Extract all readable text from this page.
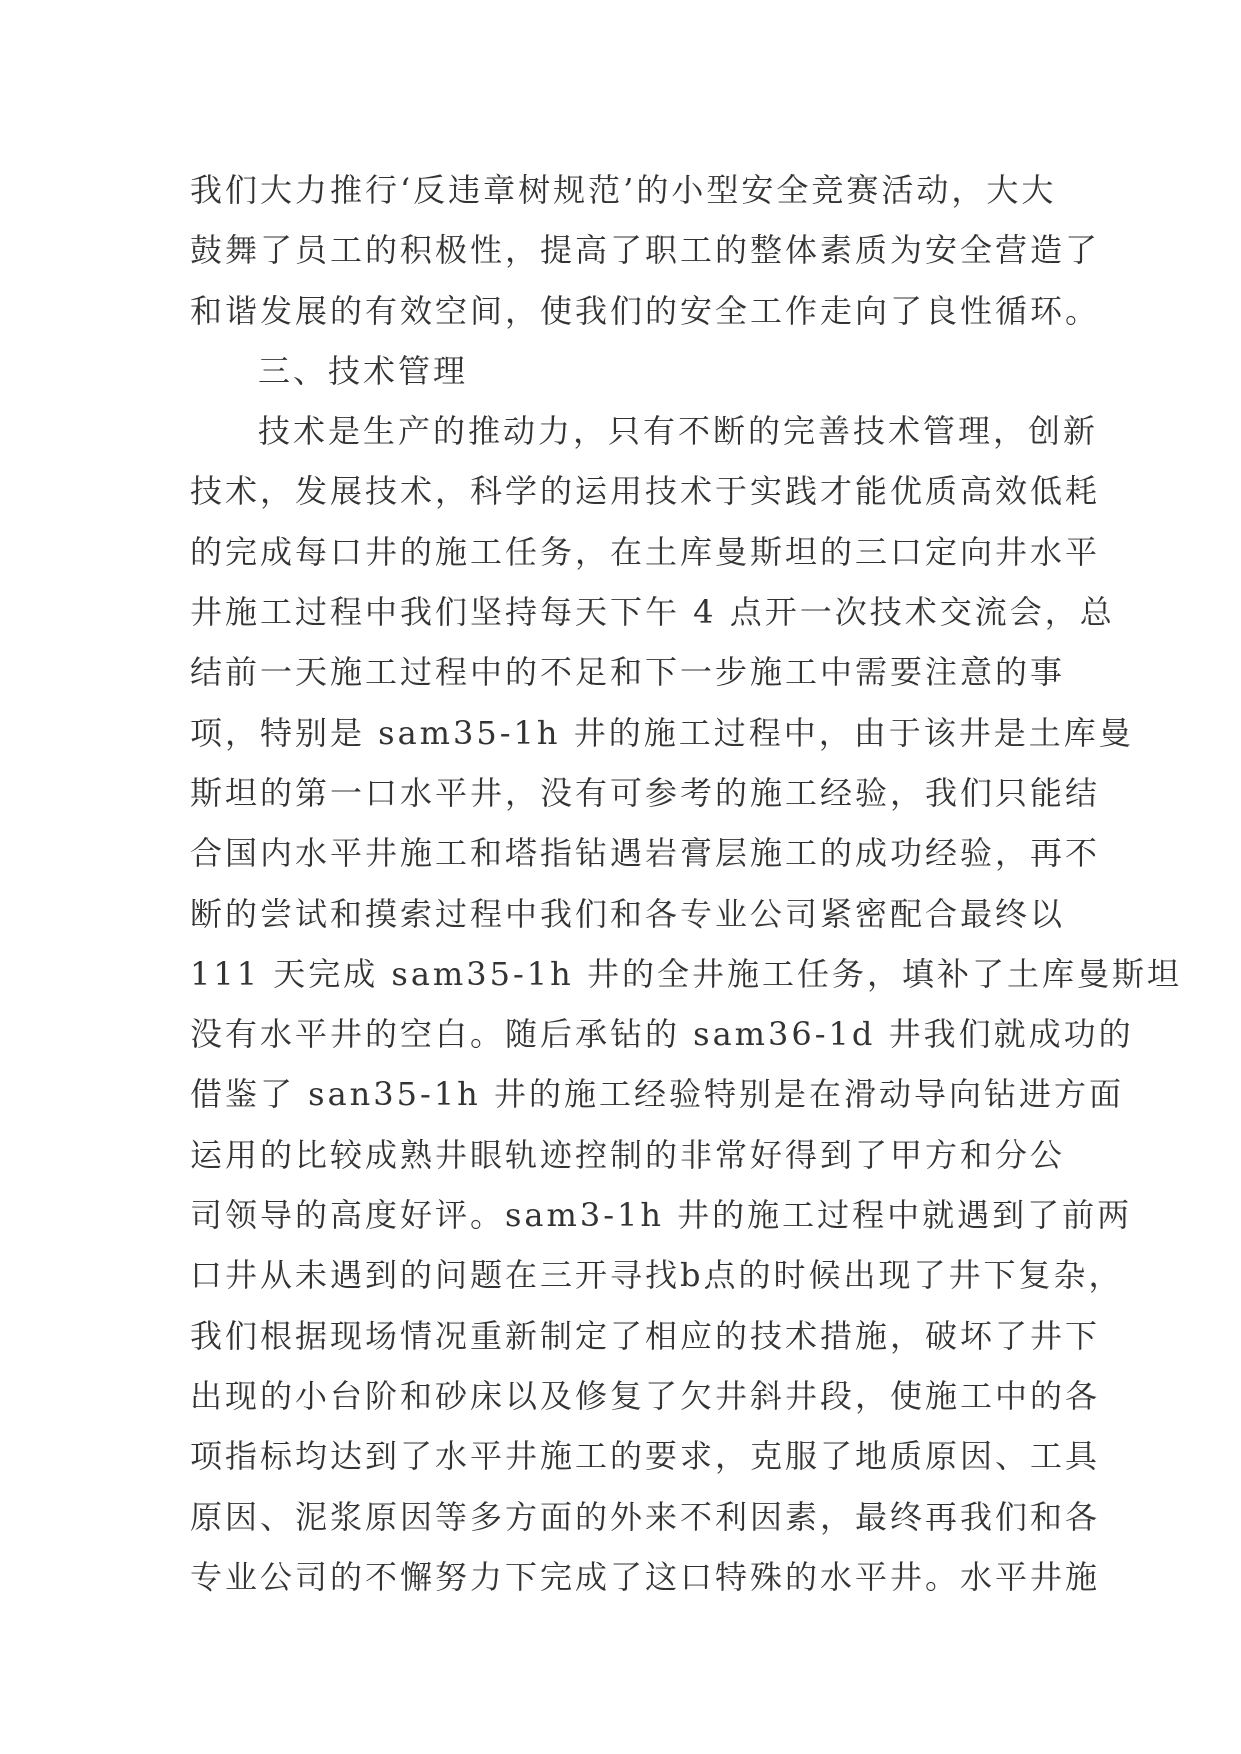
我们大力推行‘反违章树规范’的小型安全竞赛活动，大大
鼓舞了员工的积极性，提高了职工的整体素质为安全营造了
和谐发展的有效空间，使我们的安全工作走向了良性循环。
三、技术管理
技术是生产的推动力，只有不断的完善技术管理，创新
技术，发展技术，科学的运用技术于实践才能优质高效低耗
的完成每口井的施工任务，在土库曼斯坦的三口定向井水平
井施工过程中我们坚持每天下午 4 点开一次技术交流会，总
结前一天施工过程中的不足和下一步施工中需要注意的事
项，特别是 sam35-1h 井的施工过程中，由于该井是土库曼
斯坦的第一口水平井，没有可参考的施工经验，我们只能结
合国内水平井施工和塔指钻遇岩膏层施工的成功经验，再不
断的尝试和摸索过程中我们和各专业公司紧密配合最终以
111 天完成 sam35-1h 井的全井施工任务，填补了土库曼斯坦
没有水平井的空白。随后承钻的 sam36-1d 井我们就成功的
借鉴了 san35-1h 井的施工经验特别是在滑动导向钻进方面
运用的比较成熟井眼轨迹控制的非常好得到了甲方和分公
司领导的高度好评。sam3-1h 井的施工过程中就遇到了前两
口井从未遇到的问题在三开寻找b点的时候出现了井下复杂，
我们根据现场情况重新制定了相应的技术措施，破坏了井下
出现的小台阶和砂床以及修复了欠井斜井段，使施工中的各
项指标均达到了水平井施工的要求，克服了地质原因、工具
原因、泥浆原因等多方面的外来不利因素，最终再我们和各
专业公司的不懈努力下完成了这口特殊的水平井。水平井施
